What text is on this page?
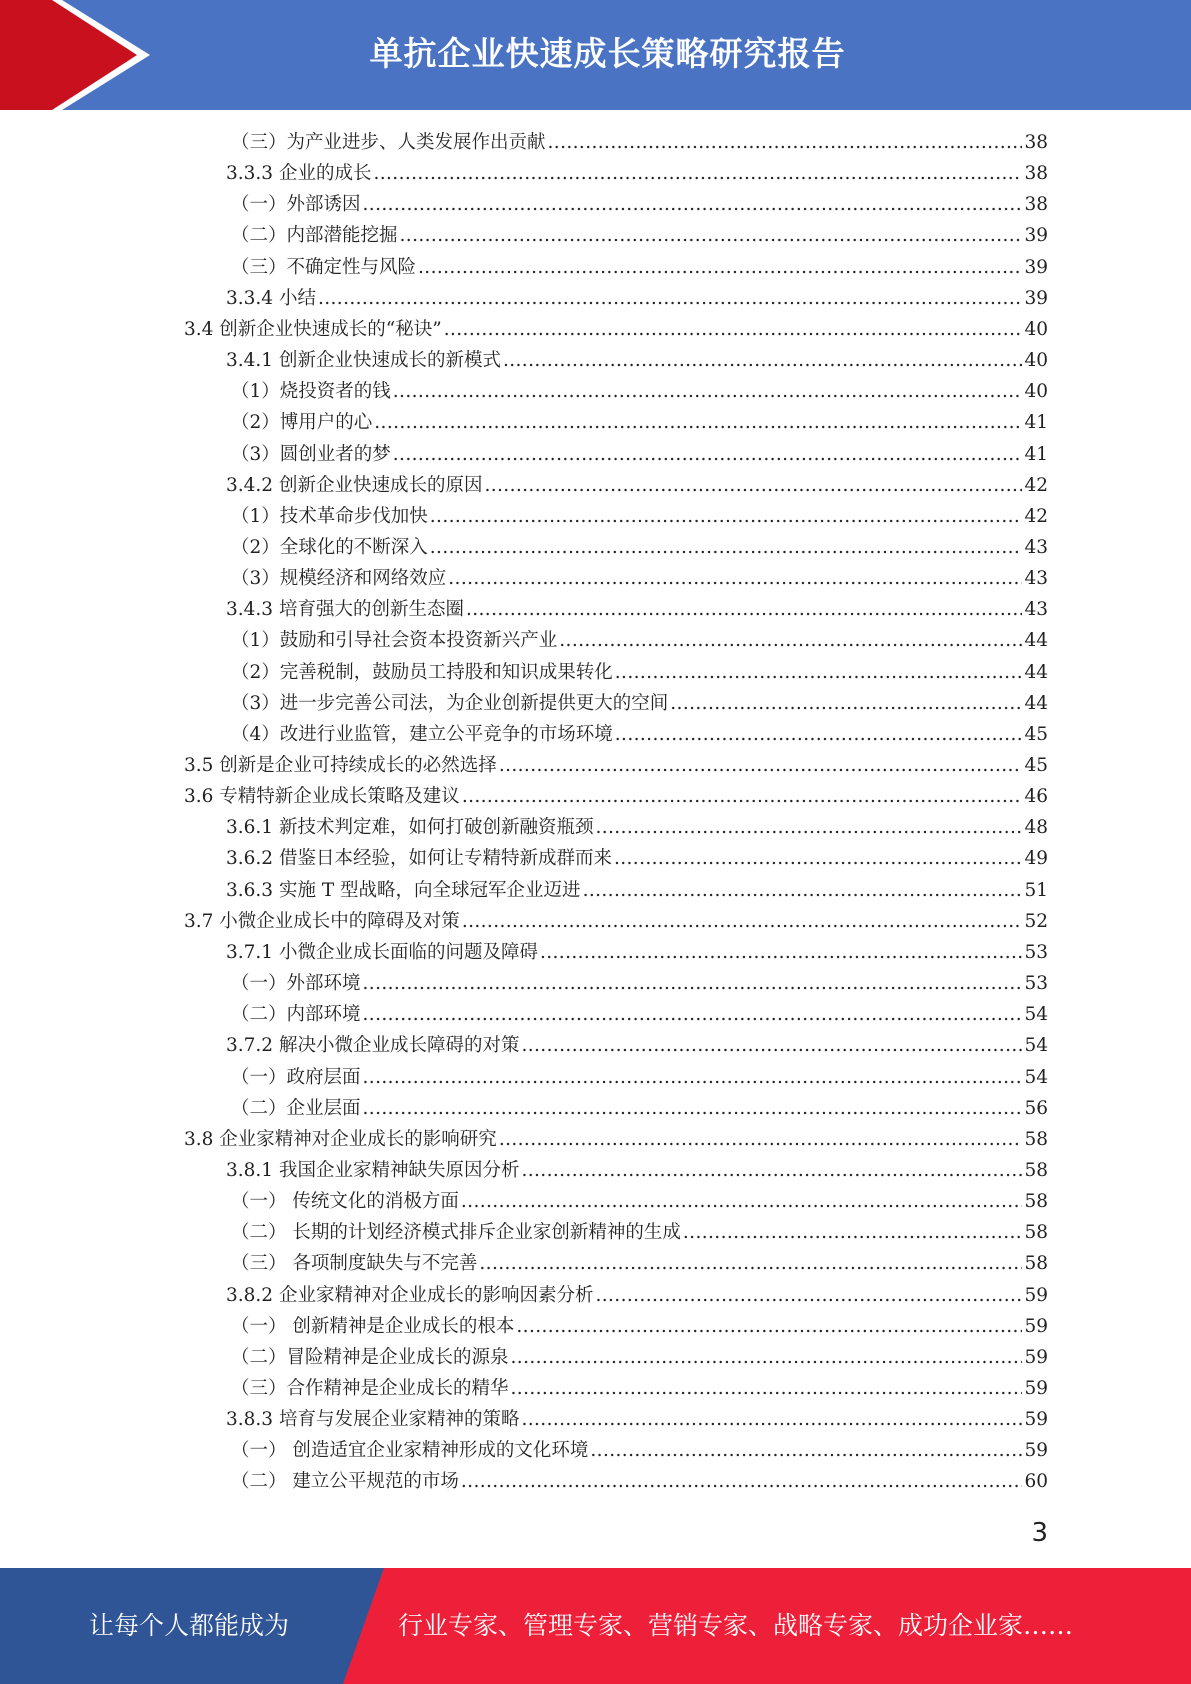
单抗企业快速成长策略研究报告
（三）为产业进步、人类发展作出贡献 .....	38
3.3.3 企业的成长 .....	38
（一）外部诱因 .....	38
（二）内部潜能挖掘 .....	39
（三）不确定性与风险 .....	39
3.3.4 小结 .....	39
3.4 创新企业快速成长的“秘诀” .....	40
3.4.1 创新企业快速成长的新模式 .....	40
（1）烧投资者的钱 .....	40
（2）博用户的心 .....	41
（3）圆创业者的梦 .....	41
3.4.2 创新企业快速成长的原因 .....	42
（1）技术革命步伐加快 .....	42
（2）全球化的不断深入 .....	43
（3）规模经济和网络效应 .....	43
3.4.3 培育强大的创新生态圈 .....	43
（1）鼓励和引导社会资本投资新兴产业 .....	44
（2）完善税制，鼓励员工持股和知识成果转化 .....	44
（3）进一步完善公司法，为企业创新提供更大的空间 .....	44
（4）改进行业监管，建立公平竞争的市场环境 .....	45
3.5 创新是企业可持续成长的必然选择 .....	45
3.6 专精特新企业成长策略及建议 .....	46
3.6.1 新技术判定难，如何打破创新融资瓶颈 .....	48
3.6.2 借鉴日本经验，如何让专精特新成群而来 .....	49
3.6.3 实施 T 型战略，向全球冠军企业迈进 .....	51
3.7 小微企业成长中的障碍及对策 .....	52
3.7.1 小微企业成长面临的问题及障碍 .....	53
（一）外部环境 .....	53
（二）内部环境 .....	54
3.7.2 解决小微企业成长障碍的对策 .....	54
（一）政府层面 .....	54
（二）企业层面 .....	56
3.8 企业家精神对企业成长的影响研究 .....	58
3.8.1 我国企业家精神缺失原因分析 .....	58
（一） 传统文化的消极方面 .....	58
（二） 长期的计划经济模式排斥企业家创新精神的生成 .....	58
（三） 各项制度缺失与不完善 .....	58
3.8.2 企业家精神对企业成长的影响因素分析 .....	59
（一） 创新精神是企业成长的根本 .....	59
（二）冒险精神是企业成长的源泉 .....	59
（三）合作精神是企业成长的精华 .....	59
3.8.3 培育与发展企业家精神的策略 .....	59
（一） 创造适宜企业家精神形成的文化环境 .....	59
（二） 建立公平规范的市场 .....	60
3
让每个人都能成为	行业专家、管理专家、营销专家、战略专家、成功企业家……
